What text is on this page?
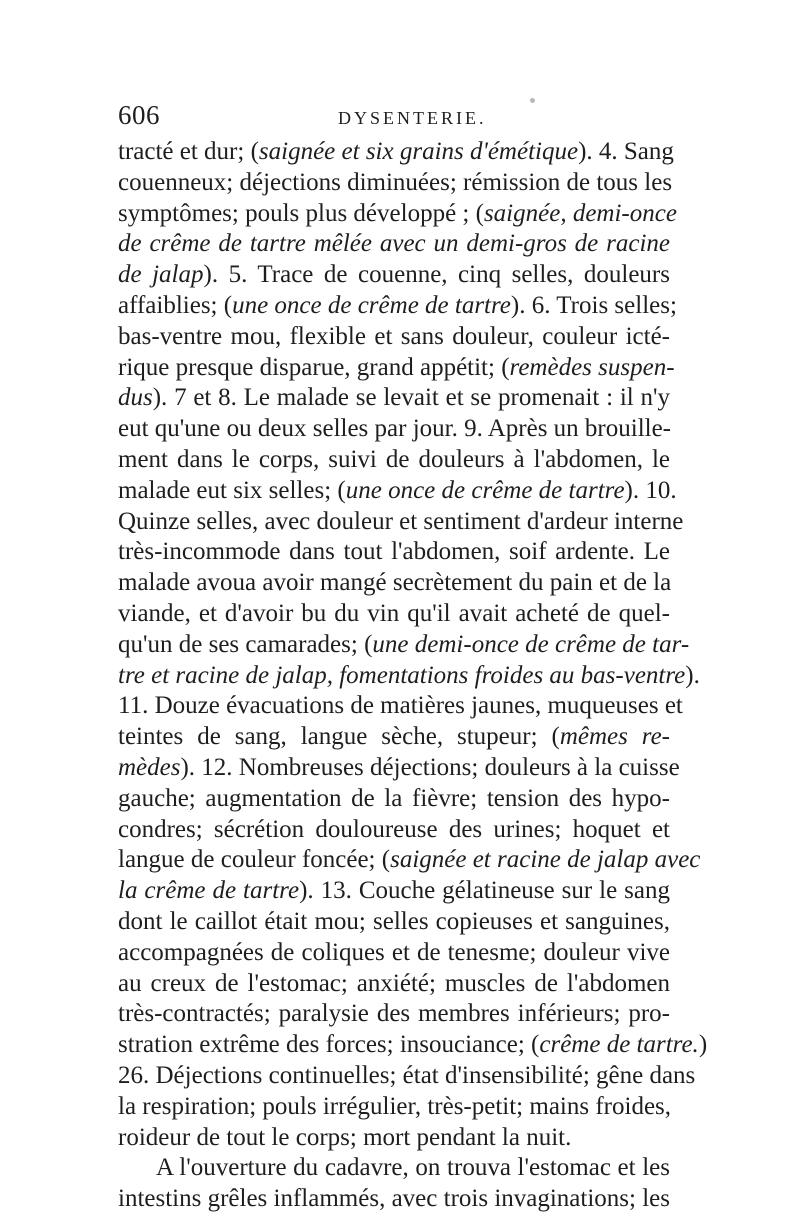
606	DYSENTERIE.
tracté et dur; (saignée et six grains d'émétique). 4. Sang
couenneux; déjections diminuées; rémission de tous les
symptômes; pouls plus développé ; (saignée, demi-once
de crême de tartre mêlée avec un demi-gros de racine
de jalap). 5. Trace de couenne, cinq selles, douleurs
affaiblies; (une once de crême de tartre). 6. Trois selles;
bas-ventre mou, flexible et sans douleur, couleur icté-
rique presque disparue, grand appétit; (remèdes suspen-
dus). 7 et 8. Le malade se levait et se promenait : il n'y
eut qu'une ou deux selles par jour. 9. Après un brouille-
ment dans le corps, suivi de douleurs à l'abdomen, le
malade eut six selles; (une once de crême de tartre). 10.
Quinze selles, avec douleur et sentiment d'ardeur interne
très-incommode dans tout l'abdomen, soif ardente. Le
malade avoua avoir mangé secrètement du pain et de la
viande, et d'avoir bu du vin qu'il avait acheté de quel-
qu'un de ses camarades; (une demi-once de crême de tar-
tre et racine de jalap, fomentations froides au bas-ventre).
11. Douze évacuations de matières jaunes, muqueuses et
teintes de sang, langue sèche, stupeur; (mêmes re-
mèdes). 12. Nombreuses déjections; douleurs à la cuisse
gauche; augmentation de la fièvre; tension des hypo-
condres; sécrétion douloureuse des urines; hoquet et
langue de couleur foncée; (saignée et racine de jalap avec
la crême de tartre). 13. Couche gélatineuse sur le sang
dont le caillot était mou; selles copieuses et sanguines,
accompagnées de coliques et de tenesme; douleur vive
au creux de l'estomac; anxiété; muscles de l'abdomen
très-contractés; paralysie des membres inférieurs; pro-
stration extrême des forces; insouciance; (crême de tartre.)
26. Déjections continuelles; état d'insensibilité; gêne dans
la respiration; pouls irrégulier, très-petit; mains froides,
roideur de tout le corps; mort pendant la nuit.
A l'ouverture du cadavre, on trouva l'estomac et les
intestins grêles inflammés, avec trois invaginations; les
